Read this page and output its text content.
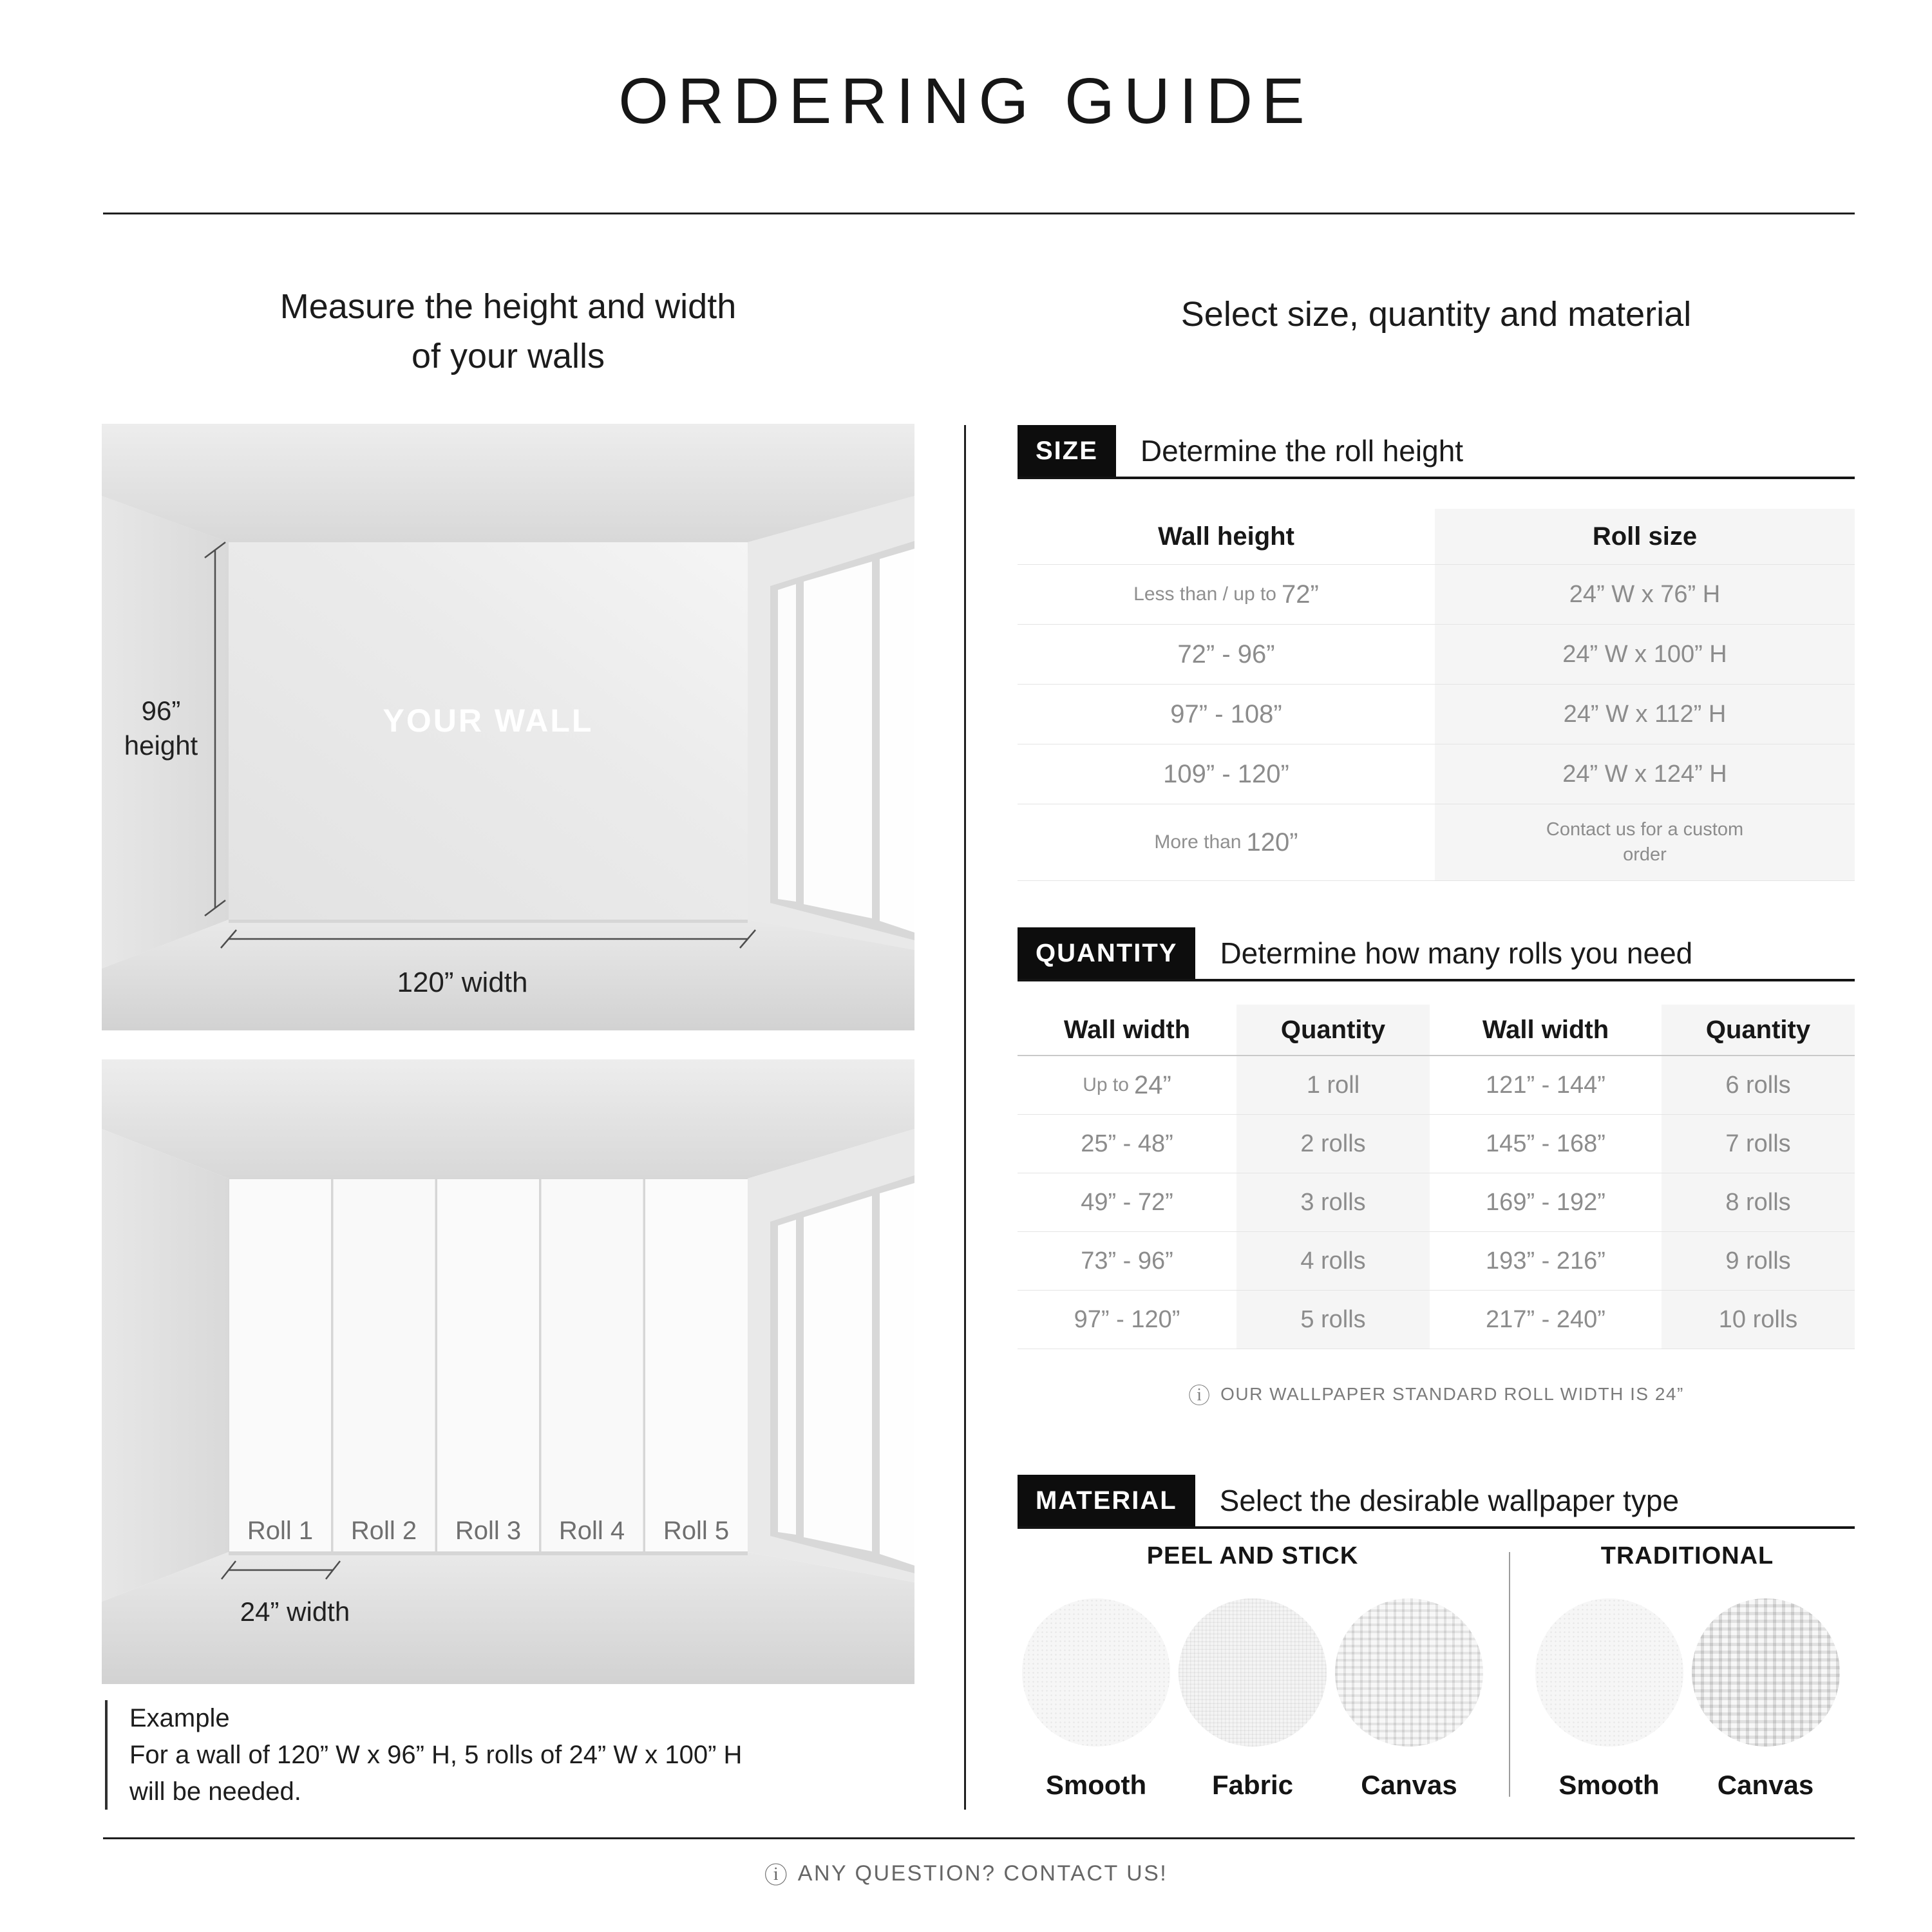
ORDERING GUIDE
Measure the height and width
of your walls
96”
height
120” width
YOUR WALL
Roll 1 Roll 2 Roll 3 Roll 4 Roll 5
24” width
Example
For a wall of 120” W x 96” H, 5 rolls of 24” W x 100” H
will be needed.
Select size, quantity and material
SIZE	Determine the roll height
Wall height	Roll size
Less than / up to 72”	24” W x 76” H
72” - 96”	24” W x 100” H
97” - 108”	24” W x 112” H
109” - 120”	24” W x 124” H
More than 120”	Contact us for a custom order
QUANTITY	Determine how many rolls you need
Wall width	Quantity	Wall width	Quantity
Up to 24”	1 roll	121” - 144”	6 rolls
25” - 48”	2 rolls	145” - 168”	7 rolls
49” - 72”	3 rolls	169” - 192”	8 rolls
73” - 96”	4 rolls	193” - 216”	9 rolls
97” - 120”	5 rolls	217” - 240”	10 rolls
ⓘ OUR WALLPAPER STANDARD ROLL WIDTH IS 24”
MATERIAL	Select the desirable wallpaper type
PEEL AND STICK
Smooth Fabric	Canvas
TRADITIONAL
Smooth Canvas
ⓘ ANY QUESTION? CONTACT US!
